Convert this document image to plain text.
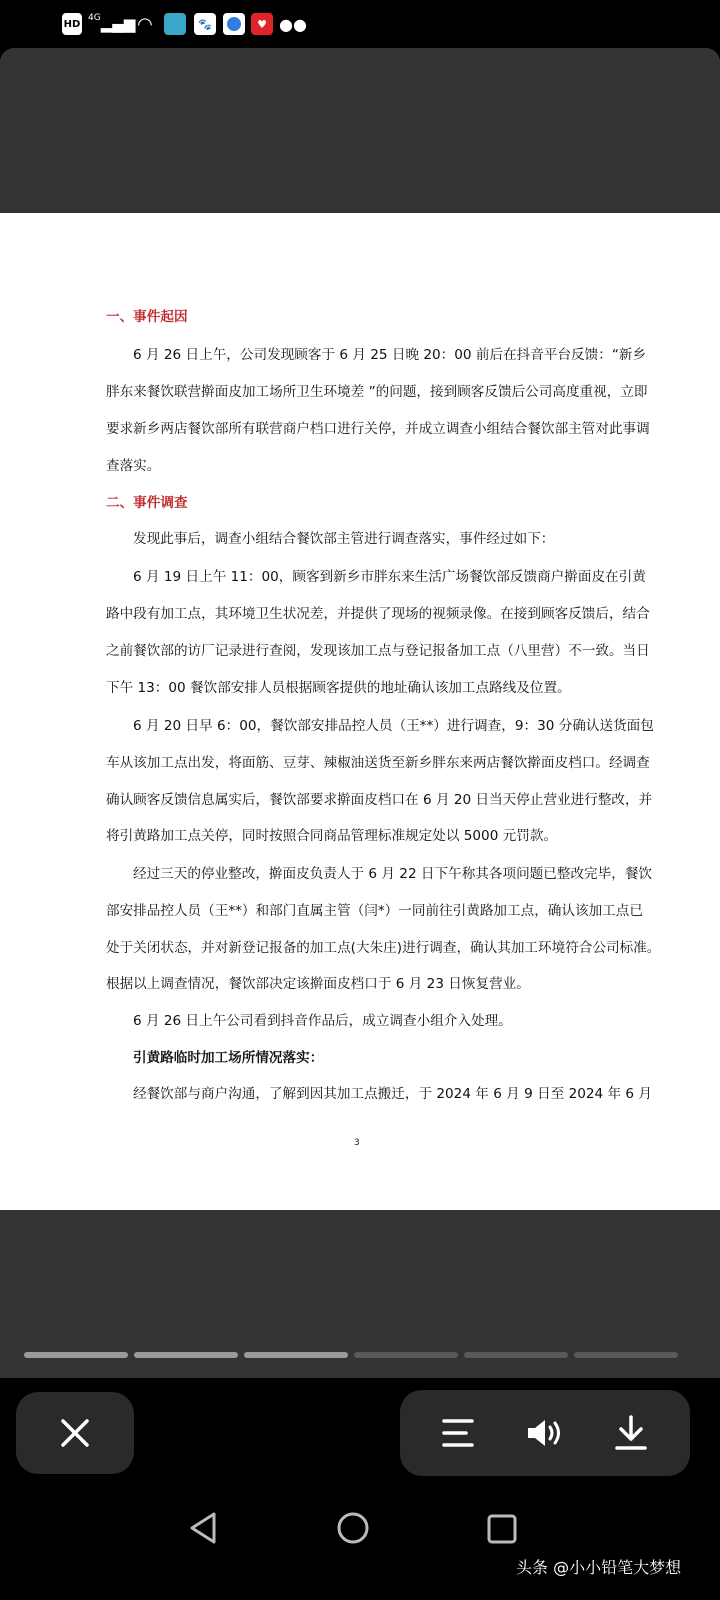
HD
4G ▂▄▆ ◠	🐾	♥ ●●
一、事件起因
6 月 26 日上午，公司发现顾客于 6 月 25 日晚 20：00 前后在抖音平台反馈：“新乡
胖东来餐饮联营擀面皮加工场所卫生环境差 ”的问题，接到顾客反馈后公司高度重视，立即
要求新乡两店餐饮部所有联营商户档口进行关停，并成立调查小组结合餐饮部主管对此事调
查落实。
二、事件调查
发现此事后，调查小组结合餐饮部主管进行调查落实，事件经过如下：
6 月 19 日上午 11：00，顾客到新乡市胖东来生活广场餐饮部反馈商户擀面皮在引黄
路中段有加工点，其环境卫生状况差，并提供了现场的视频录像。在接到顾客反馈后，结合
之前餐饮部的访厂记录进行查阅，发现该加工点与登记报备加工点（八里营）不一致。当日
下午 13：00 餐饮部安排人员根据顾客提供的地址确认该加工点路线及位置。
6 月 20 日早 6：00，餐饮部安排品控人员（王**）进行调查，9：30 分确认送货面包
车从该加工点出发，将面筋、豆芽、辣椒油送货至新乡胖东来两店餐饮擀面皮档口。经调查
确认顾客反馈信息属实后，餐饮部要求擀面皮档口在 6 月 20 日当天停止营业进行整改，并
将引黄路加工点关停，同时按照合同商品管理标准规定处以 5000 元罚款。
经过三天的停业整改，擀面皮负责人于 6 月 22 日下午称其各项问题已整改完毕，餐饮
部安排品控人员（王**）和部门直属主管（闫*）一同前往引黄路加工点，确认该加工点已
处于关闭状态，并对新登记报备的加工点(大朱庄)进行调查，确认其加工环境符合公司标准。
根据以上调查情况，餐饮部决定该擀面皮档口于 6 月 23 日恢复营业。
6 月 26 日上午公司看到抖音作品后，成立调查小组介入处理。
引黄路临时加工场所情况落实：
经餐饮部与商户沟通，了解到因其加工点搬迁，于 2024 年 6 月 9 日至 2024 年 6 月
3
头条 @小小铅笔大梦想
